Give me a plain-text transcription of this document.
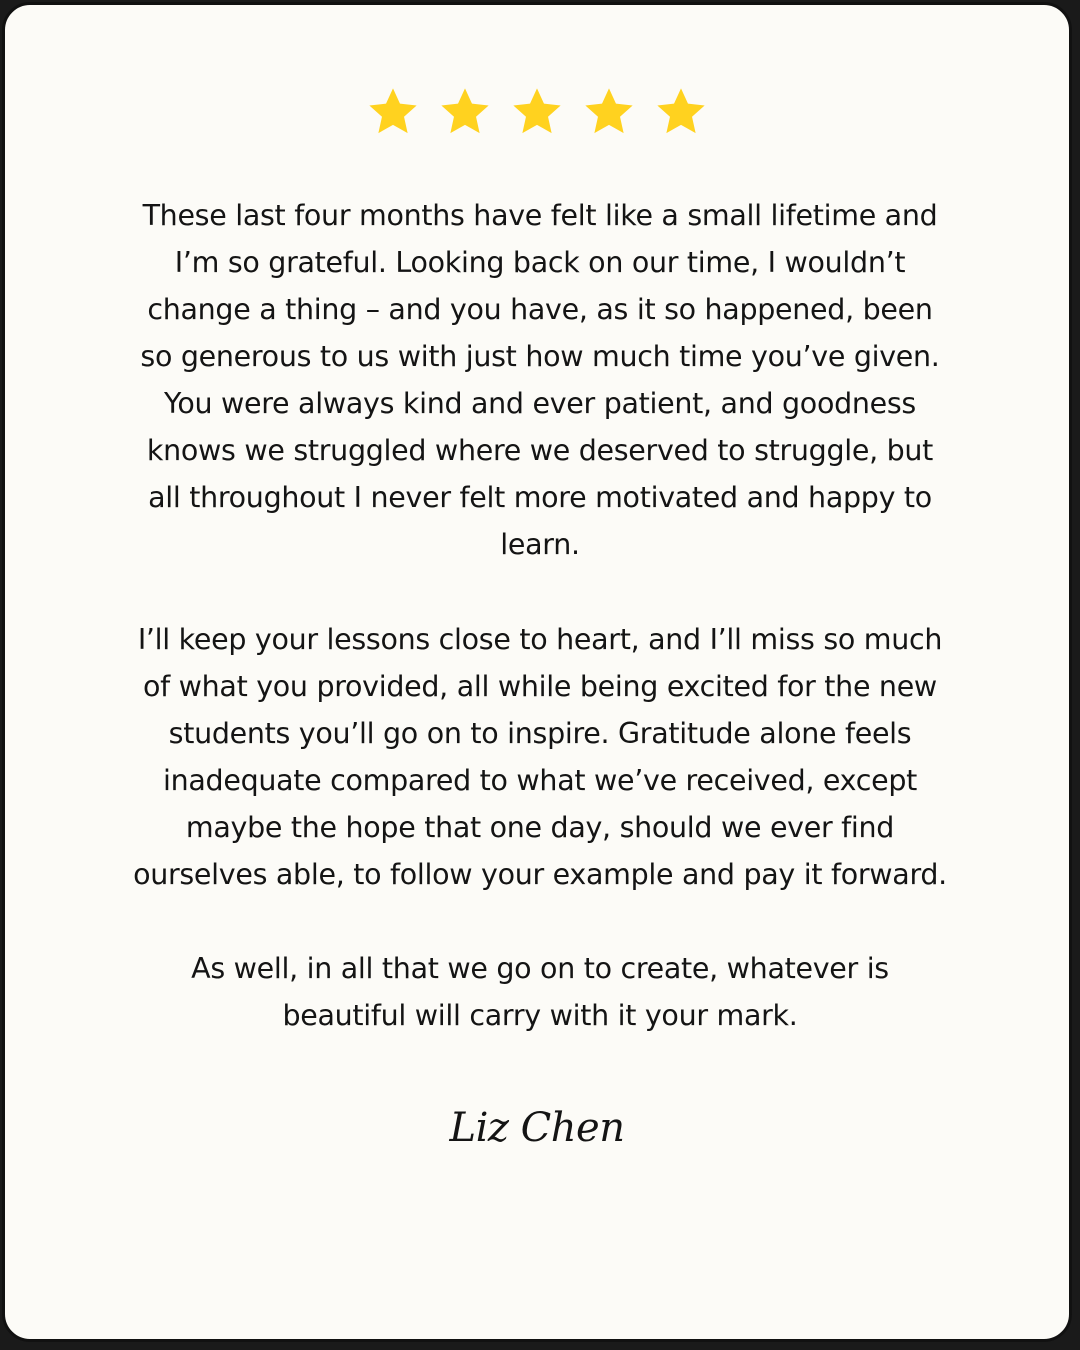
These last four months have felt like a small lifetime and
I’m so grateful. Looking back on our time, I wouldn’t
change a thing – and you have, as it so happened, been
so generous to us with just how much time you’ve given.
You were always kind and ever patient, and goodness
knows we struggled where we deserved to struggle, but
all throughout I never felt more motivated and happy to
learn.

I’ll keep your lessons close to heart, and I’ll miss so much
of what you provided, all while being excited for the new
students you’ll go on to inspire. Gratitude alone feels
inadequate compared to what we’ve received, except
maybe the hope that one day, should we ever find
ourselves able, to follow your example and pay it forward.

As well, in all that we go on to create, whatever is
beautiful will carry with it your mark.

Liz Chen
